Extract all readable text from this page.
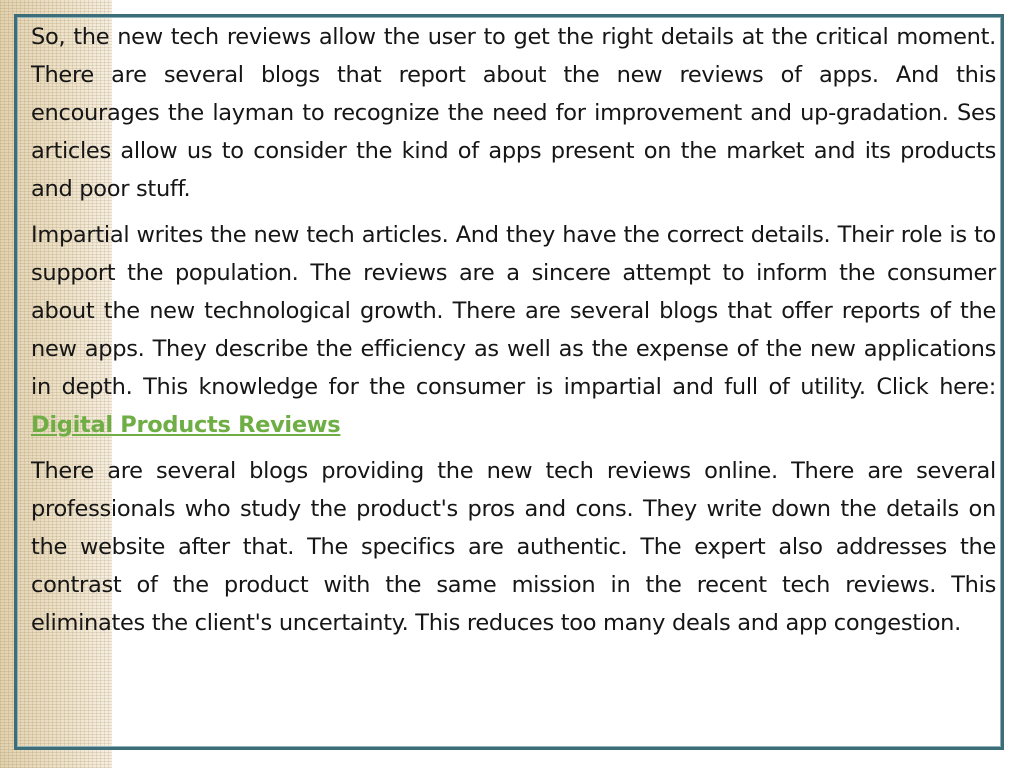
So, the new tech reviews allow the user to get the right details at the critical moment. There are several blogs that report about the new reviews of apps. And this encourages the layman to recognize the need for improvement and up-gradation. Ses articles allow us to consider the kind of apps present on the market and its products and poor stuff.

Impartial writes the new tech articles. And they have the correct details. Their role is to support the population. The reviews are a sincere attempt to inform the consumer about the new technological growth. There are several blogs that offer reports of the new apps. They describe the efficiency as well as the expense of the new applications in depth. This knowledge for the consumer is impartial and full of utility. Click here: Digital Products Reviews

There are several blogs providing the new tech reviews online. There are several professionals who study the product's pros and cons. They write down the details on the website after that. The specifics are authentic. The expert also addresses the contrast of the product with the same mission in the recent tech reviews. This eliminates the client's uncertainty. This reduces too many deals and app congestion.
